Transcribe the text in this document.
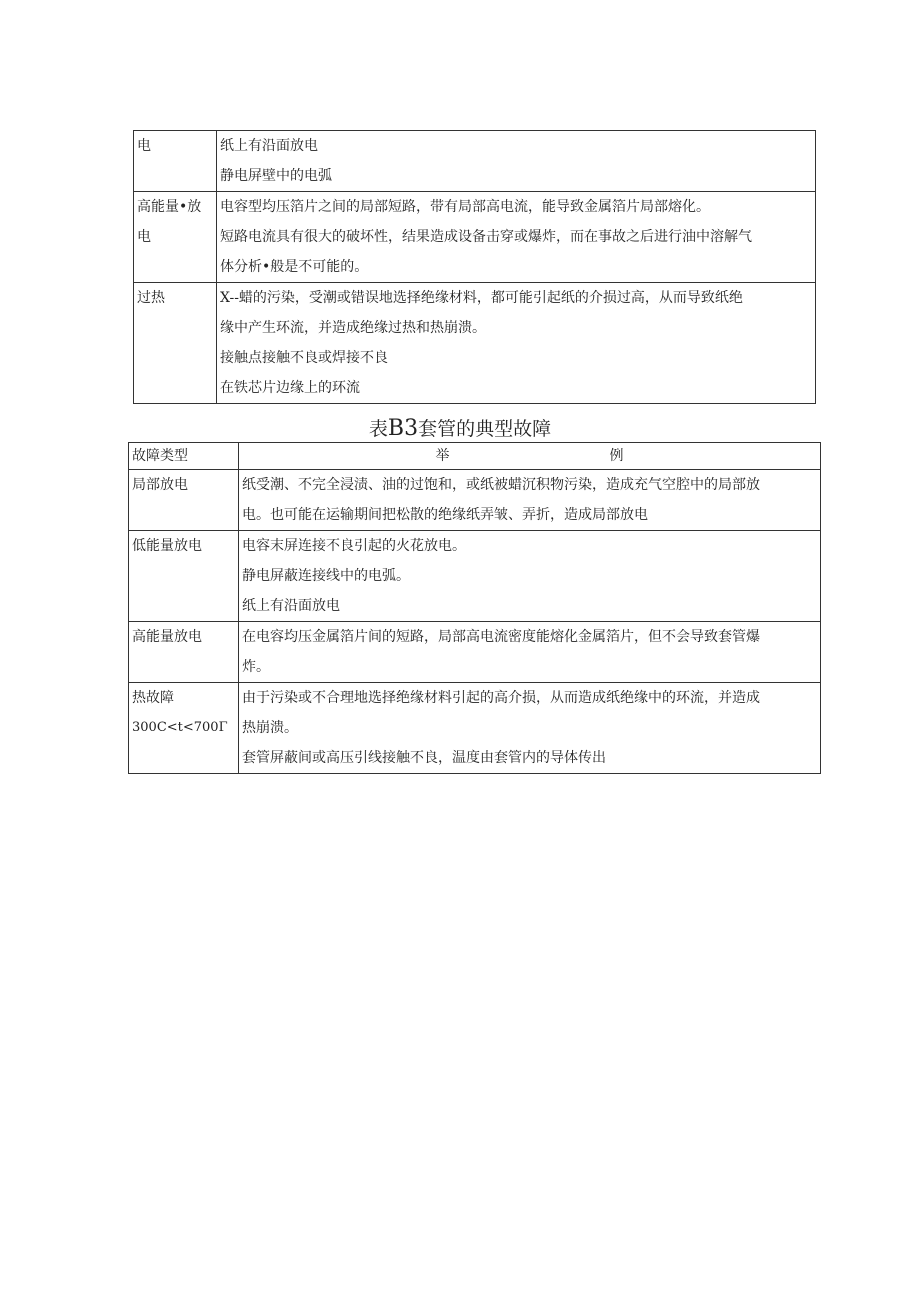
电	纸上有沿面放电
静电屏壁中的电弧

高能量•放
电	电容型均压箔片之间的局部短路，带有局部高电流，能导致金属箔片局部熔化。
短路电流具有很大的破坏性，结果造成设备击穿或爆炸，而在事故之后进行油中溶解气
体分析•般是不可能的。

过热	X--蜡的污染，受潮或错误地选择绝缘材料，都可能引起纸的介损过高，从而导致纸绝
缘中产生环流，并造成绝缘过热和热崩溃。
接触点接触不良或焊接不良
在铁芯片边缘上的环流
表B3套管的典型故障
故障类型	举 例

局部放电	纸受潮、不完全浸渍、油的过饱和，或纸被蜡沉积物污染，造成充气空腔中的局部放
电。也可能在运输期间把松散的绝缘纸弄皱、弄折，造成局部放电

低能量放电	电容末屏连接不良引起的火花放电。
静电屏蔽连接线中的电弧。
纸上有沿面放电

高能量放电	在电容均压金属箔片间的短路，局部高电流密度能熔化金属箔片，但不会导致套管爆
炸。

热故障
300C<t<700Γ	由于污染或不合理地选择绝缘材料引起的高介损，从而造成纸绝缘中的环流，并造成
热崩溃。
套管屏蔽间或高压引线接触不良，温度由套管内的导体传出
